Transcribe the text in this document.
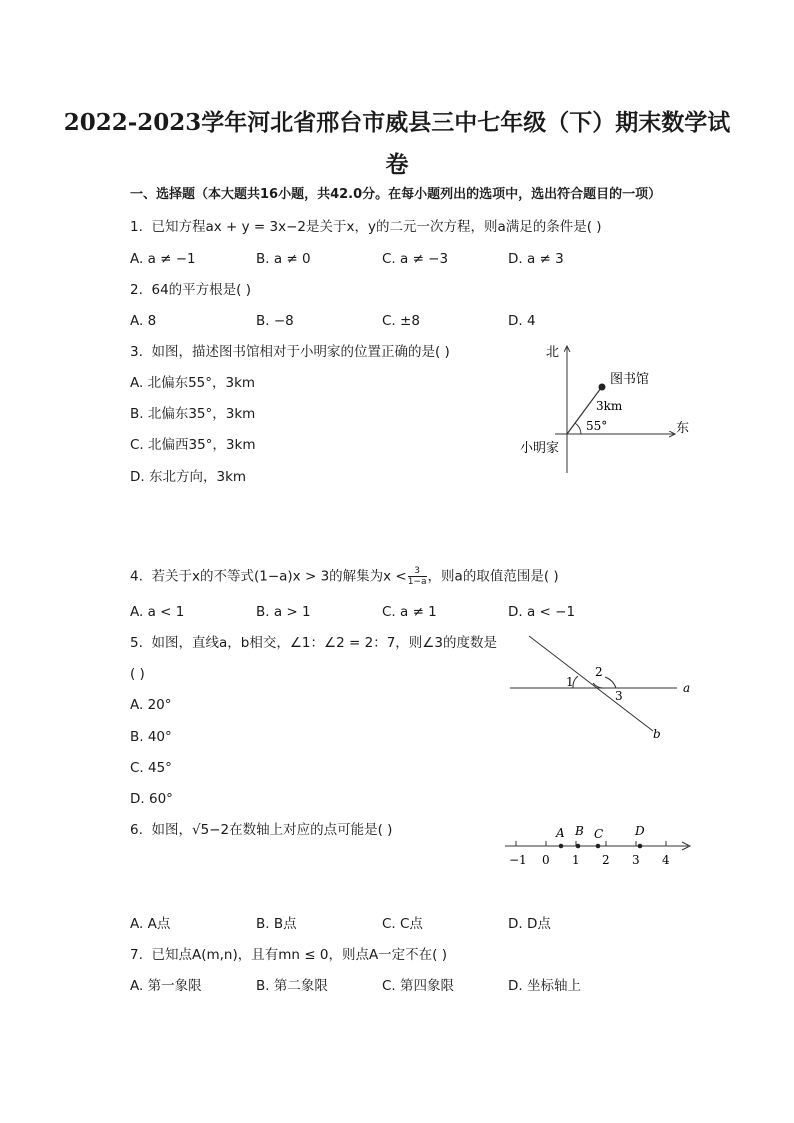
2022-2023学年河北省邢台市威县三中七年级（下）期末数学试
卷
一、选择题（本大题共16小题，共42.0分。在每小题列出的选项中，选出符合题目的一项）
1. 已知方程ax + y = 3x−2是关于x，y的二元一次方程，则a满足的条件是( )
A. a ≠ −1	B. a ≠ 0	C. a ≠ −3	D. a ≠ 3
2. 64的平方根是( )
A. 8	B. −8	C. ±8	D. 4
3. 如图，描述图书馆相对于小明家的位置正确的是( )
A. 北偏东55°，3km
B. 北偏东35°，3km
C. 北偏西35°，3km
D. 东北方向，3km
北
东
图书馆
小明家
3km
55°
4. 若关于x的不等式(1−a)x > 3的解集为$x < \frac{3}{1-a}$ ，则a的取值范围是( )
A. a < 1	B. a > 1	C. a ≠ 1	D. a < −1
5. 如图，直线a，b相交，∠1：∠2 = 2：7，则∠3的度数是
( )
A. 20°
B. 40°
C. 45°
D. 60°
1
2
3
a
b
6. 如图，√5−2在数轴上对应的点可能是( )	A B C	D
−1 0 1 2 3 4
A. A点	B. B点	C. C点	D. D点
7. 已知点A(m,n)，且有mn ≤ 0，则点A一定不在( )
A. 第一象限	B. 第二象限	C. 第四象限	D. 坐标轴上
